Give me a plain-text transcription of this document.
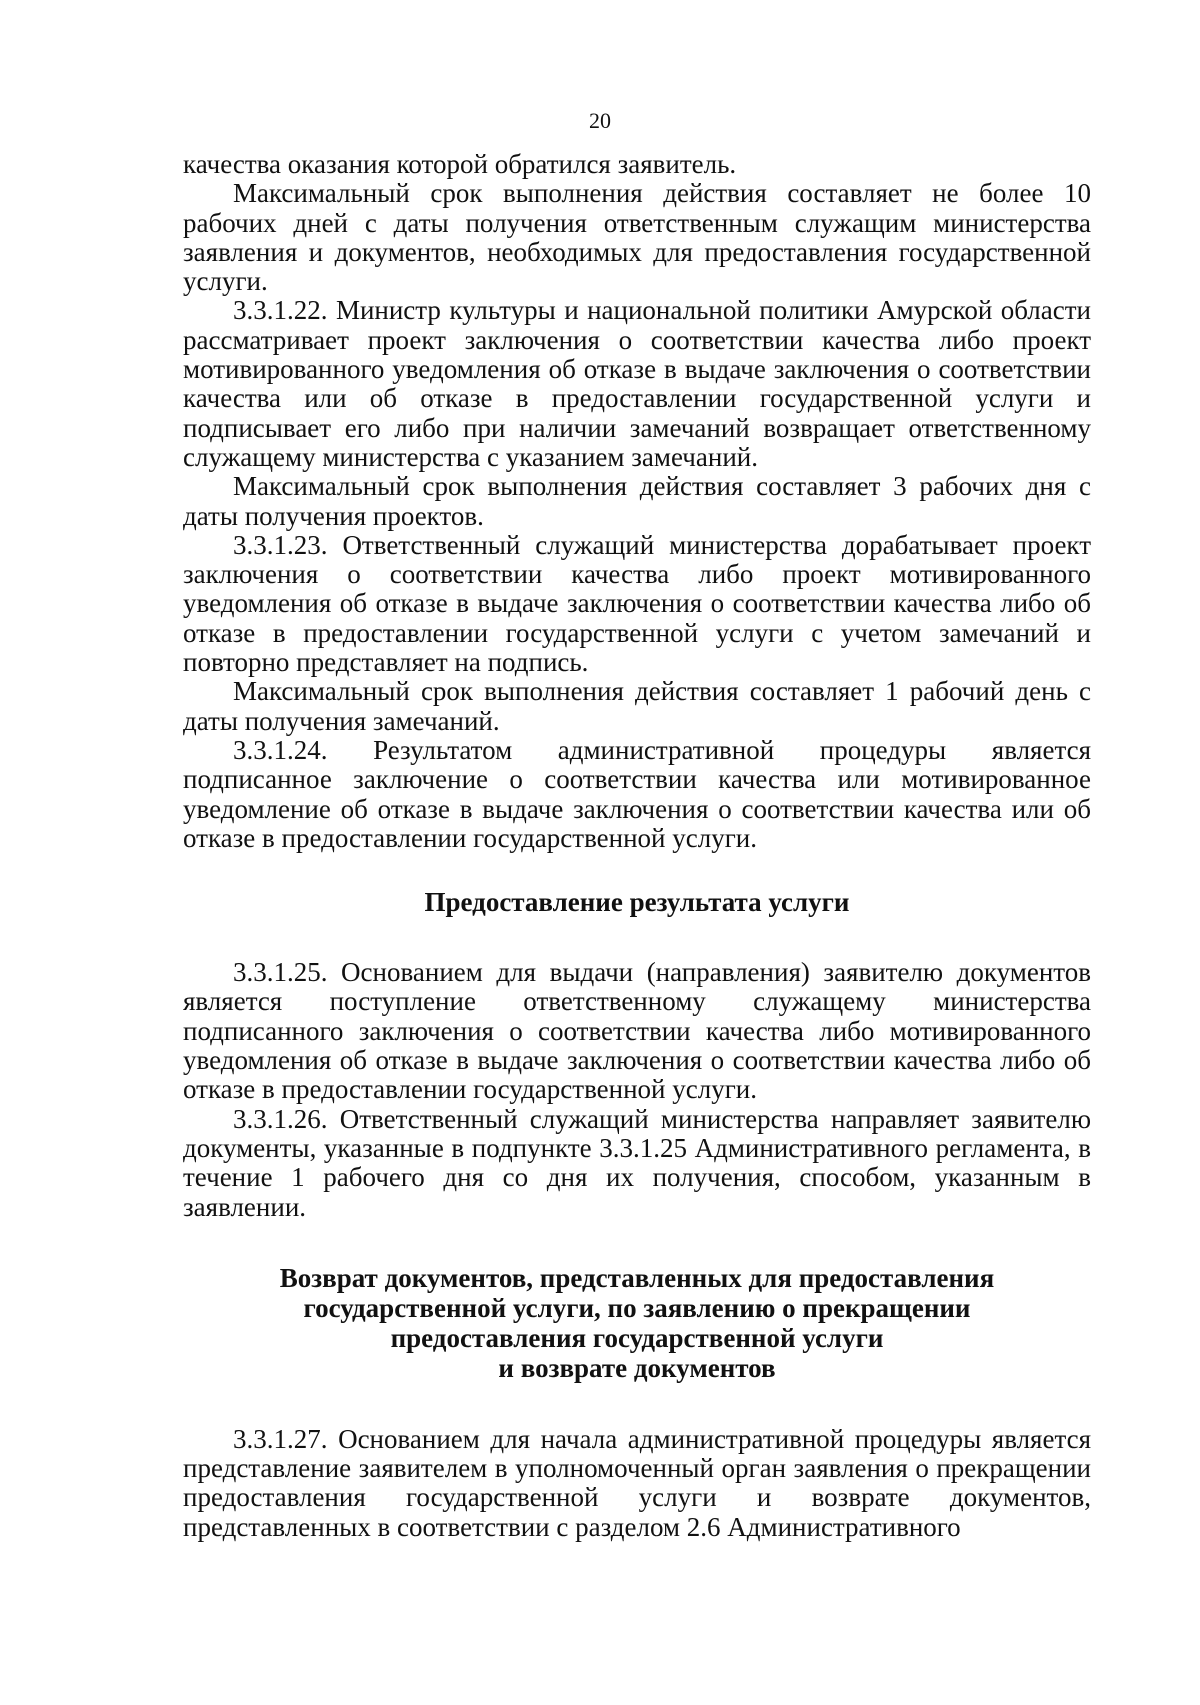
20

качества оказания которой обратился заявитель.

Максимальный срок выполнения действия составляет не более 10 рабочих дней с даты получения ответственным служащим министерства заявления и документов, необходимых для предоставления государственной услуги.

3.3.1.22. Министр культуры и национальной политики Амурской области рассматривает проект заключения о соответствии качества либо проект мотивированного уведомления об отказе в выдаче заключения о соответствии качества или об отказе в предоставлении государственной услуги и подписывает его либо при наличии замечаний возвращает ответственному служащему министерства с указанием замечаний.

Максимальный срок выполнения действия составляет 3 рабочих дня с даты получения проектов.

3.3.1.23. Ответственный служащий министерства дорабатывает проект заключения о соответствии качества либо проект мотивированного уведомления об отказе в выдаче заключения о соответствии качества либо об отказе в предоставлении государственной услуги с учетом замечаний и повторно представляет на подпись.

Максимальный срок выполнения действия составляет 1 рабочий день с даты получения замечаний.

3.3.1.24. Результатом административной процедуры является подписанное заключение о соответствии качества или мотивированное уведомление об отказе в выдаче заключения о соответствии качества или об отказе в предоставлении государственной услуги.

Предоставление результата услуги

3.3.1.25. Основанием для выдачи (направления) заявителю документов является поступление ответственному служащему министерства подписанного заключения о соответствии качества либо мотивированного уведомления об отказе в выдаче заключения о соответствии качества либо об отказе в предоставлении государственной услуги.

3.3.1.26. Ответственный служащий министерства направляет заявителю документы, указанные в подпункте 3.3.1.25 Административного регламента, в течение 1 рабочего дня со дня их получения, способом, указанным в заявлении.

Возврат документов, представленных для предоставления
государственной услуги, по заявлению о прекращении
предоставления государственной услуги
и возврате документов

3.3.1.27. Основанием для начала административной процедуры является представление заявителем в уполномоченный орган заявления о прекращении предоставления государственной услуги и возврате документов, представленных в соответствии с разделом 2.6 Административного
